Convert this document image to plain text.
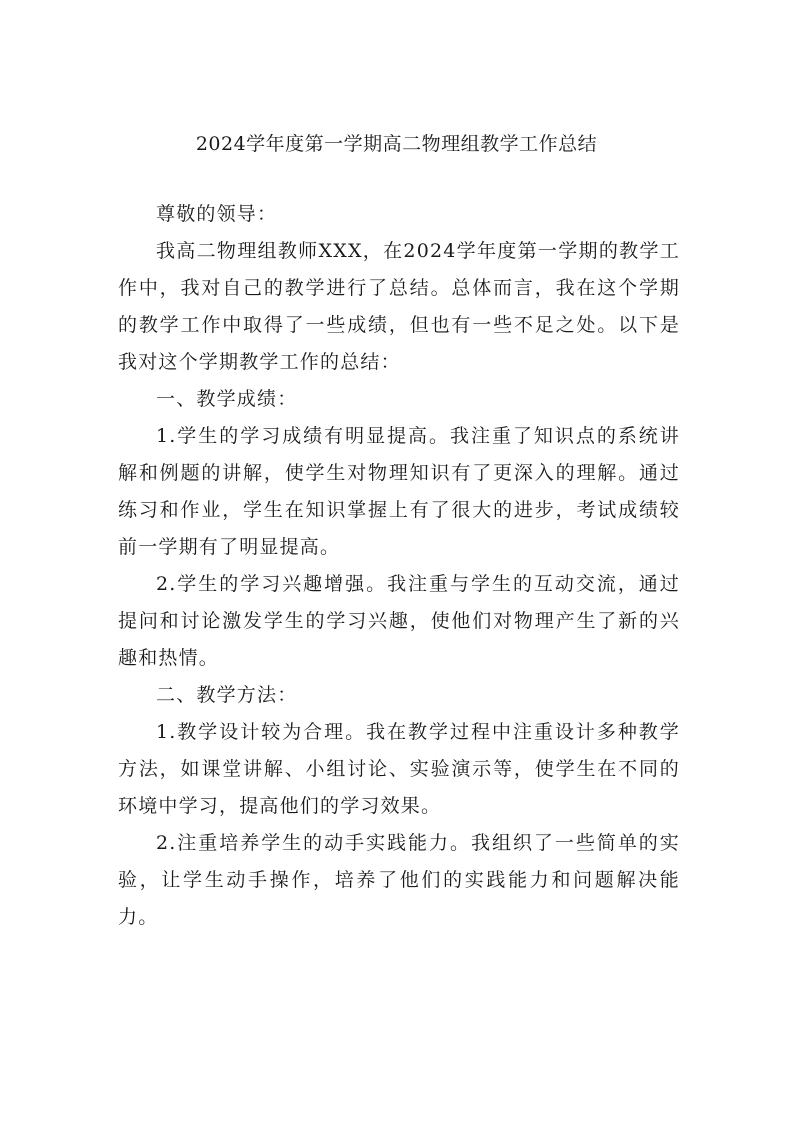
2024学年度第一学期高二物理组教学工作总结

尊敬的领导：

我高二物理组教师XXX，在2024学年度第一学期的教学工作中，我对自己的教学进行了总结。总体而言，我在这个学期的教学工作中取得了一些成绩，但也有一些不足之处。以下是我对这个学期教学工作的总结：

一、教学成绩：

1.学生的学习成绩有明显提高。我注重了知识点的系统讲解和例题的讲解，使学生对物理知识有了更深入的理解。通过练习和作业，学生在知识掌握上有了很大的进步，考试成绩较前一学期有了明显提高。

2.学生的学习兴趣增强。我注重与学生的互动交流，通过提问和讨论激发学生的学习兴趣，使他们对物理产生了新的兴趣和热情。

二、教学方法：

1.教学设计较为合理。我在教学过程中注重设计多种教学方法，如课堂讲解、小组讨论、实验演示等，使学生在不同的环境中学习，提高他们的学习效果。

2.注重培养学生的动手实践能力。我组织了一些简单的实验，让学生动手操作，培养了他们的实践能力和问题解决能力。
